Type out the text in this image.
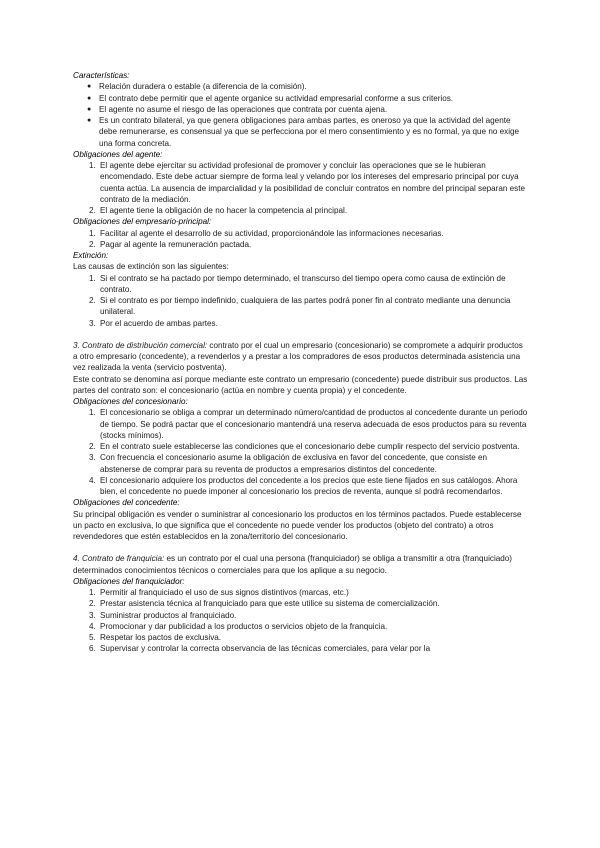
Características:

● Relación duradera o estable (a diferencia de la comisión).
● El contrato debe permitir que el agente organice su actividad empresarial conforme a sus criterios.
● El agente no asume el riesgo de las operaciones que contrata por cuenta ajena.
● Es un contrato bilateral, ya que genera obligaciones para ambas partes, es oneroso ya que la actividad del agente debe remunerarse, es consensual ya que se perfecciona por el mero consentimiento y es no formal, ya que no exige una forma concreta.

Obligaciones del agente:

1. El agente debe ejercitar su actividad profesional de promover y concluir las operaciones que se le hubieran encomendado. Este debe actuar siempre de forma leal y velando por los intereses del empresario principal por cuya cuenta actúa. La ausencia de imparcialidad y la posibilidad de concluir contratos en nombre del principal separan este contrato de la mediación.
2. El agente tiene la obligación de no hacer la competencia al principal.

Obligaciones del empresario-principal:

1. Facilitar al agente el desarrollo de su actividad, proporcionándole las informaciones necesarias.
2. Pagar al agente la remuneración pactada.

Extinción:

Las causas de extinción son las siguientes:

1. Si el contrato se ha pactado por tiempo determinado, el transcurso del tiempo opera como causa de extinción de contrato.
2. Si el contrato es por tiempo indefinido, cualquiera de las partes podrá poner fin al contrato mediante una denuncia unilateral.
3. Por el acuerdo de ambas partes.

3. Contrato de distribución comercial: contrato por el cual un empresario (concesionario) se compromete a adquirir productos a otro empresario (concedente), a revenderlos y a prestar a los compradores de esos productos determinada asistencia una vez realizada la venta (servicio postventa).

Este contrato se denomina así porque mediante este contrato un empresario (concedente) puede distribuir sus productos. Las partes del contrato son: el concesionario (actúa en nombre y cuenta propia) y el concedente.

Obligaciones del concesionario:

1. El concesionario se obliga a comprar un determinado número/cantidad de productos al concedente durante un periodo de tiempo. Se podrá pactar que el concesionario mantendrá una reserva adecuada de esos productos para su reventa (stocks mínimos).
2. En el contrato suele establecerse las condiciones que el concesionario debe cumplir respecto del servicio postventa.
3. Con frecuencia el concesionario asume la obligación de exclusiva en favor del concedente, que consiste en abstenerse de comprar para su reventa de productos a empresarios distintos del concedente.
4. El concesionario adquiere los productos del concedente a los precios que este tiene fijados en sus catálogos. Ahora bien, el concedente no puede imponer al concesionario los precios de reventa, aunque sí podrá recomendarlos.

Obligaciones del concedente:

Su principal obligación es vender o suministrar al concesionario los productos en los términos pactados. Puede establecerse un pacto en exclusiva, lo que significa que el concedente no puede vender los productos (objeto del contrato) a otros revendedores que estén establecidos en la zona/territorio del concesionario.

4. Contrato de franquicia: es un contrato por el cual una persona (franquiciador) se obliga a transmitir a otra (franquiciado) determinados conocimientos técnicos o comerciales para que los aplique a su negocio.

Obligaciones del franquiciador:

1. Permitir al franquiciado el uso de sus signos distintivos (marcas, etc.)
2. Prestar asistencia técnica al franquiciado para que este utilice su sistema de comercialización.
3. Suministrar productos al franquiciado.
4. Promocionar y dar publicidad a los productos o servicios objeto de la franquicia.
5. Respetar los pactos de exclusiva.
6. Supervisar y controlar la correcta observancia de las técnicas comerciales, para velar por la
